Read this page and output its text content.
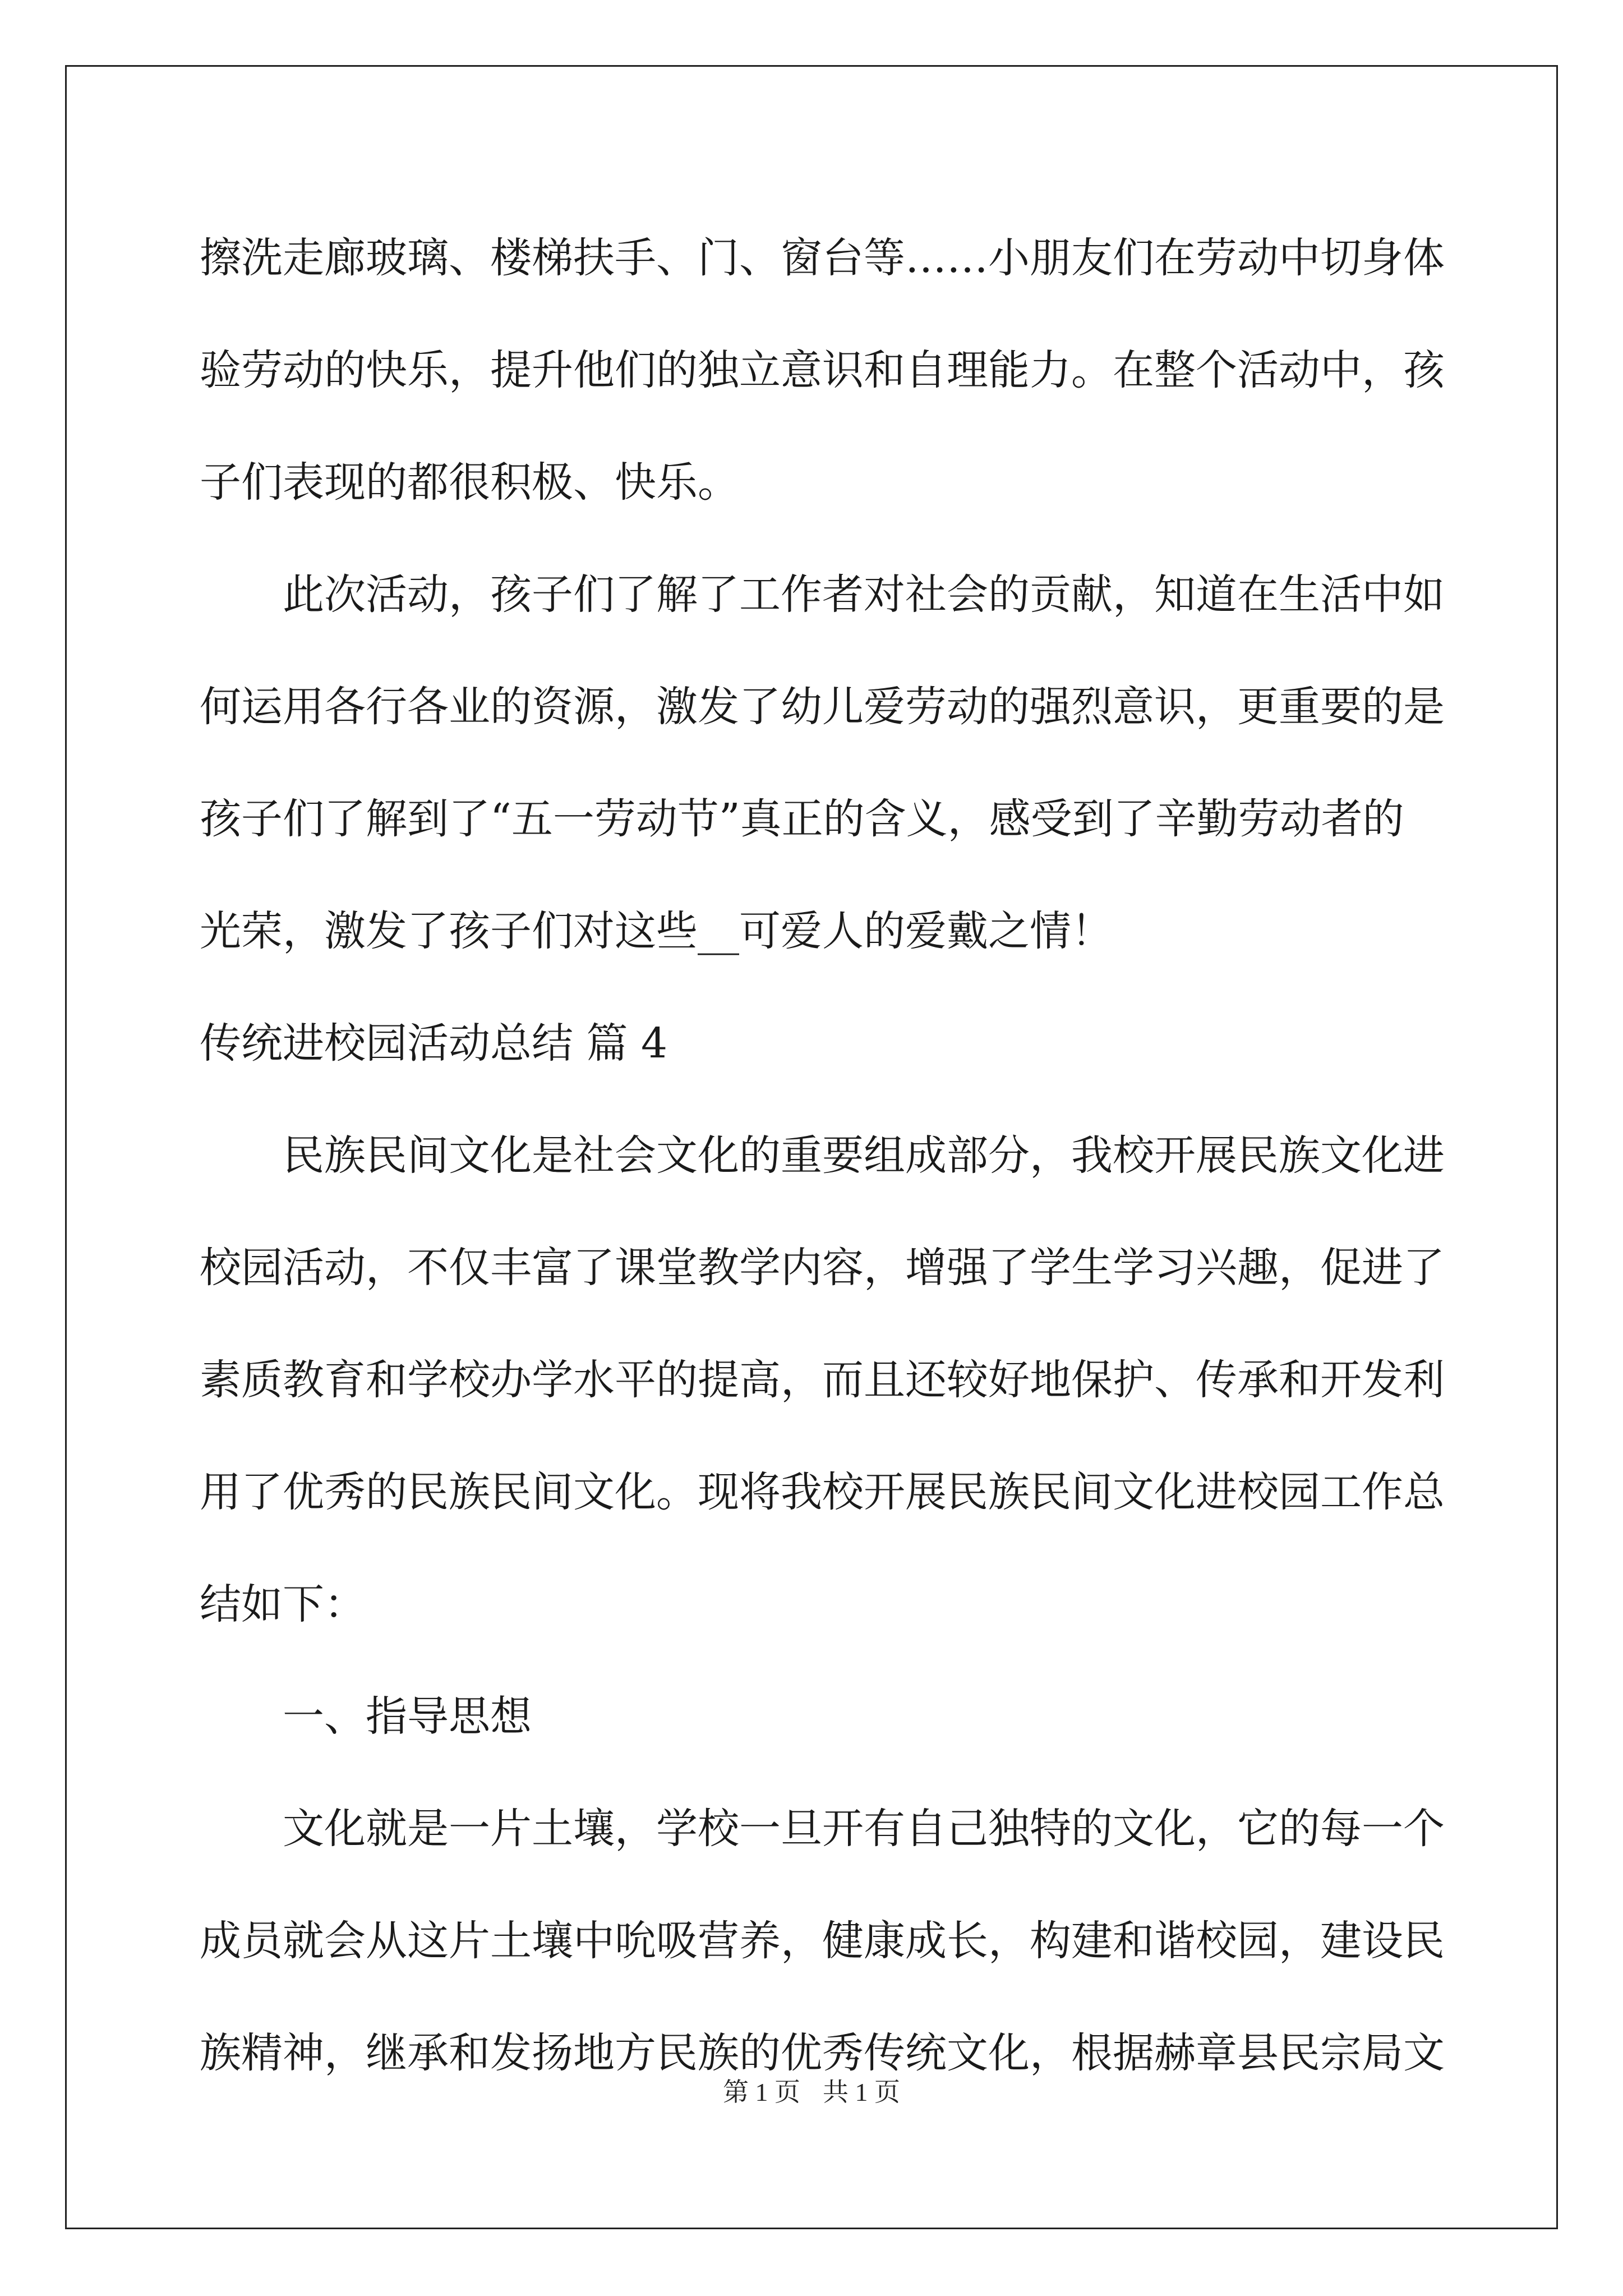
擦洗走廊玻璃、楼梯扶手、门、窗台等……小朋友们在劳动中切身体
验劳动的快乐，提升他们的独立意识和自理能力。在整个活动中，孩
子们表现的都很积极、快乐。
此次活动，孩子们了解了工作者对社会的贡献，知道在生活中如
何运用各行各业的资源，激发了幼儿爱劳动的强烈意识，更重要的是
孩子们了解到了“五一劳动节”真正的含义，感受到了辛勤劳动者的
光荣，激发了孩子们对这些__可爱人的爱戴之情！
传统进校园活动总结 篇 4
民族民间文化是社会文化的重要组成部分，我校开展民族文化进
校园活动，不仅丰富了课堂教学内容，增强了学生学习兴趣，促进了
素质教育和学校办学水平的提高，而且还较好地保护、传承和开发利
用了优秀的民族民间文化。现将我校开展民族民间文化进校园工作总
结如下：
一、指导思想
文化就是一片土壤，学校一旦开有自己独特的文化，它的每一个
成员就会从这片土壤中吮吸营养，健康成长，构建和谐校园，建设民
族精神，继承和发扬地方民族的优秀传统文化，根据赫章县民宗局文
第 1 页 共 1 页
